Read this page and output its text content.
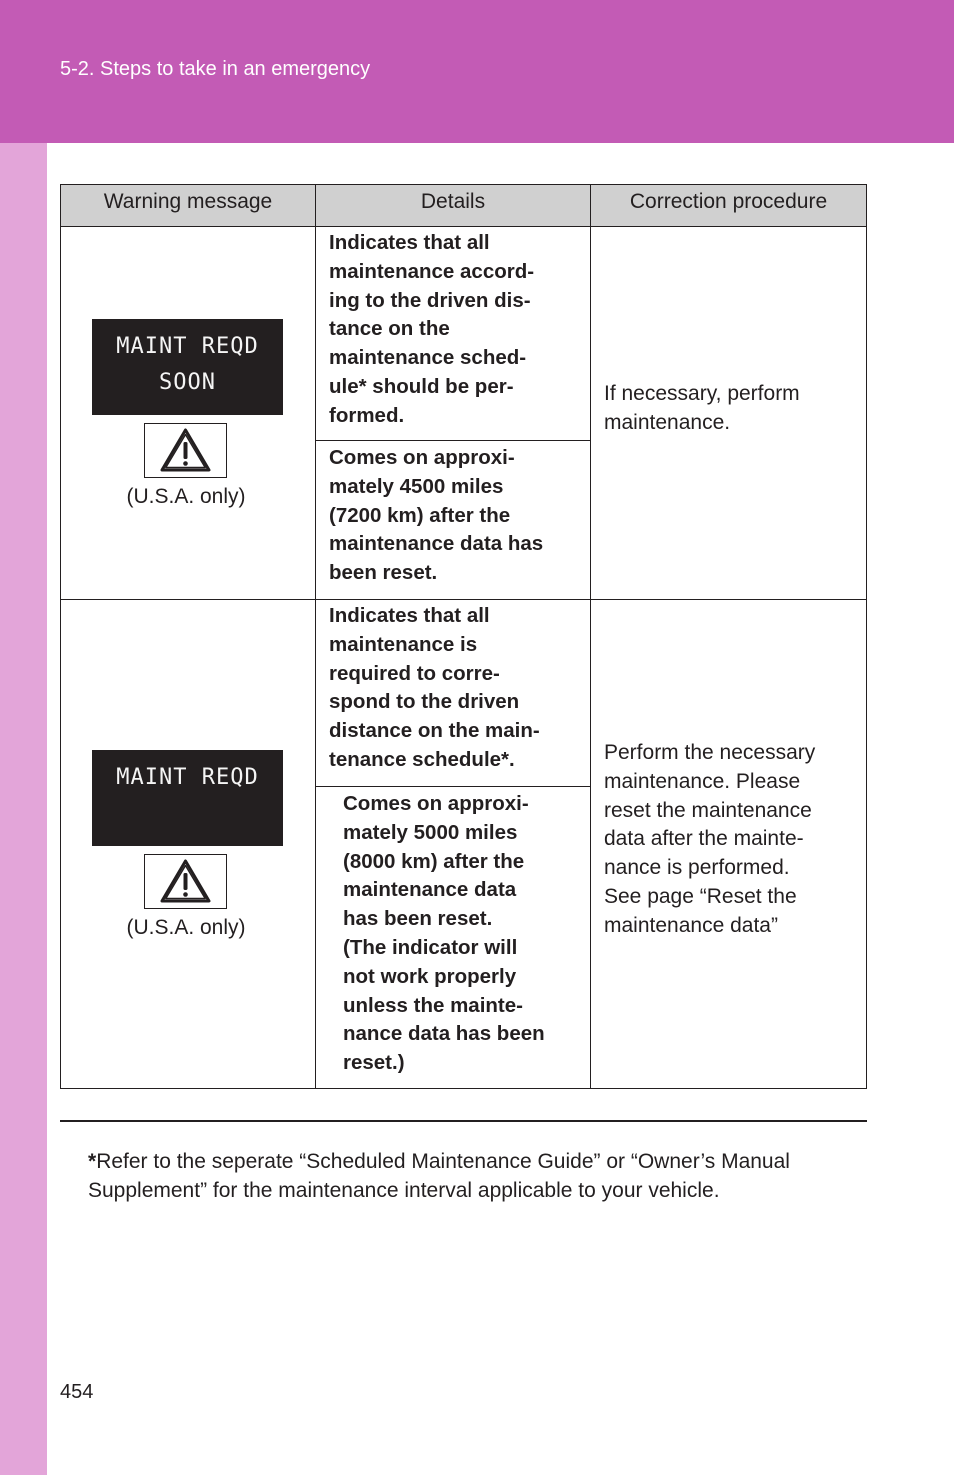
5-2. Steps to take in an emergency
Warning message	Details	Correction procedure
MAINT REQD
SOON
(U.S.A. only)
Indicates that all
maintenance accord-
ing to the driven dis-
tance on the
maintenance sched-
ule* should be per-
formed.
Comes on approxi-
mately 4500 miles
(7200 km) after the
maintenance data has
been reset.
If necessary, perform
maintenance.
MAINT REQD
(U.S.A. only)
Indicates that all
maintenance is
required to corre-
spond to the driven
distance on the main-
tenance schedule*.
Comes on approxi-
mately 5000 miles
(8000 km) after the
maintenance data
has been reset.
(The indicator will
not work properly
unless the mainte-
nance data has been
reset.)
Perform the necessary
maintenance. Please
reset the maintenance
data after the mainte-
nance is performed.
See page “Reset the
maintenance data”
*Refer to the seperate “Scheduled Maintenance Guide” or “Owner’s Manual
Supplement” for the maintenance interval applicable to your vehicle.
454
